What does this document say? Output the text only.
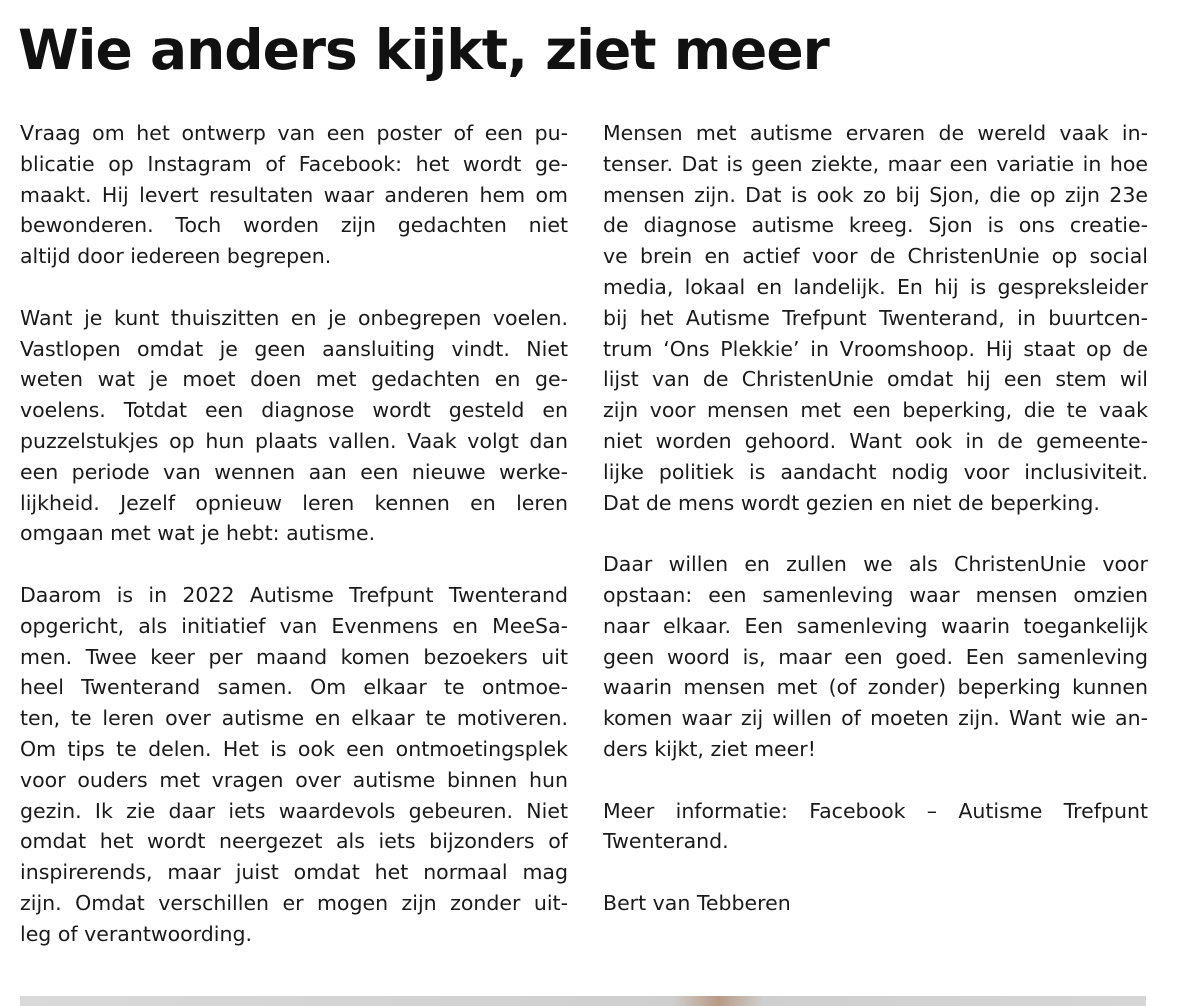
Wie anders kijkt, ziet meer
Vraag om het ontwerp van een poster of een pu-
blicatie op Instagram of Facebook: het wordt ge-
maakt. Hij levert resultaten waar anderen hem om
bewonderen. Toch worden zijn gedachten niet
altijd door iedereen begrepen.
Want je kunt thuiszitten en je onbegrepen voelen.
Vastlopen omdat je geen aansluiting vindt. Niet
weten wat je moet doen met gedachten en ge-
voelens. Totdat een diagnose wordt gesteld en
puzzelstukjes op hun plaats vallen. Vaak volgt dan
een periode van wennen aan een nieuwe werke-
lijkheid. Jezelf opnieuw leren kennen en leren
omgaan met wat je hebt: autisme.
Daarom is in 2022 Autisme Trefpunt Twenterand
opgericht, als initiatief van Evenmens en MeeSa-
men. Twee keer per maand komen bezoekers uit
heel Twenterand samen. Om elkaar te ontmoe-
ten, te leren over autisme en elkaar te motiveren.
Om tips te delen. Het is ook een ontmoetingsplek
voor ouders met vragen over autisme binnen hun
gezin. Ik zie daar iets waardevols gebeuren. Niet
omdat het wordt neergezet als iets bijzonders of
inspirerends, maar juist omdat het normaal mag
zijn. Omdat verschillen er mogen zijn zonder uit-
leg of verantwoording.
Mensen met autisme ervaren de wereld vaak in-
tenser. Dat is geen ziekte, maar een variatie in hoe
mensen zijn. Dat is ook zo bij Sjon, die op zijn 23e
de diagnose autisme kreeg. Sjon is ons creatie-
ve brein en actief voor de ChristenUnie op social
media, lokaal en landelijk. En hij is gespreksleider
bij het Autisme Trefpunt Twenterand, in buurtcen-
trum ‘Ons Plekkie’ in Vroomshoop. Hij staat op de
lijst van de ChristenUnie omdat hij een stem wil
zijn voor mensen met een beperking, die te vaak
niet worden gehoord. Want ook in de gemeente-
lijke politiek is aandacht nodig voor inclusiviteit.
Dat de mens wordt gezien en niet de beperking.
Daar willen en zullen we als ChristenUnie voor
opstaan: een samenleving waar mensen omzien
naar elkaar. Een samenleving waarin toegankelijk
geen woord is, maar een goed. Een samenleving
waarin mensen met (of zonder) beperking kunnen
komen waar zij willen of moeten zijn. Want wie an-
ders kijkt, ziet meer!
Meer informatie: Facebook – Autisme Trefpunt
Twenterand.
Bert van Tebberen
